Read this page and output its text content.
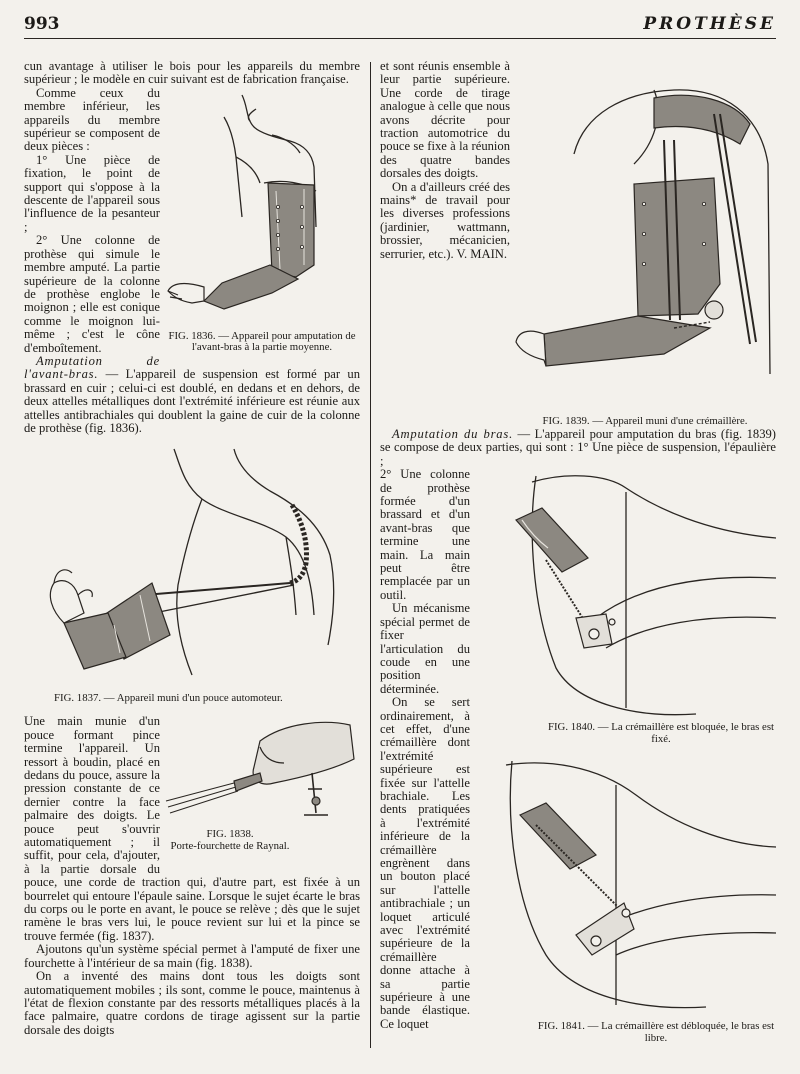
993	PROTHÈSE

cun avantage à utiliser le bois pour les appareils du membre supérieur ; le modèle en cuir suivant est de fabrication française.

FIG. 1836. — Appareil pour amputation de l'avant-bras à la partie moyenne.

Comme ceux du membre inférieur, les appareils du membre supérieur se composent de deux pièces :

1° Une pièce de fixation, le point de support qui s'oppose à la descente de l'appareil sous l'influence de la pesanteur ;

2° Une colonne de prothèse qui simule le membre amputé. La partie supérieure de la colonne de prothèse englobe le moignon ; elle est conique comme le moignon lui-même ; c'est le cône d'emboîtement.

Amputation de l'avant-bras. — L'appareil de suspension est formé par un brassard en cuir ; celui-ci est doublé, en dedans et en dehors, de deux attelles métalliques dont l'extrémité inférieure est réunie aux attelles antibrachiales qui doublent la gaine de cuir de la colonne de prothèse (fig. 1836).

FIG. 1837. — Appareil muni d'un pouce automoteur.
FIG. 1838.
Porte-fourchette de Raynal.

Une main munie d'un pouce formant pince termine l'appareil. Un ressort à boudin, placé en dedans du pouce, assure la pression constante de ce dernier contre la face palmaire des doigts. Le pouce peut s'ouvrir automatiquement ; il suffit, pour cela, d'ajouter, à la partie dorsale du pouce, une corde de traction qui, d'autre part, est fixée à un bourrelet qui entoure l'épaule saine. Lorsque le sujet écarte le bras du corps ou le porte en avant, le pouce se relève ; dès que le sujet ramène le bras vers lui, le pouce revient sur lui et la pince se trouve fermée (fig. 1837).

Ajoutons qu'un système spécial permet à l'amputé de fixer une fourchette à l'intérieur de sa main (fig. 1838).

On a inventé des mains dont tous les doigts sont automatiquement mobiles ; ils sont, comme le pouce, maintenus à l'état de flexion constante par des ressorts métalliques placés à la face palmaire, quatre cordons de tirage agissent sur la partie dorsale des doigts

FIG. 1839. — Appareil muni d'une crémaillère.

et sont réunis ensemble à leur partie supérieure. Une corde de tirage analogue à celle que nous avons décrite pour traction automotrice du pouce se fixe à la réunion des quatre bandes dorsales des doigts.

On a d'ailleurs créé des mains* de travail pour les diverses professions (jardinier, wattmann, brossier, mécanicien, serrurier, etc.). V. MAIN.

Amputation du bras. — L'appareil pour amputation du bras (fig. 1839) se compose de deux parties, qui sont : 1° Une pièce de suspension, l'épaulière ;

FIG. 1840. — La crémaillère est bloquée, le bras est fixé.
FIG. 1841. — La crémaillère est débloquée, le bras est libre.

2° Une colonne de prothèse formée d'un brassard et d'un avant-bras que termine une main. La main peut être remplacée par un outil.

Un mécanisme spécial permet de fixer l'articulation du coude en une position déterminée.

On se sert ordinairement, à cet effet, d'une crémaillère dont l'extrémité supérieure est fixée sur l'attelle brachiale. Les dents pratiquées à l'extrémité inférieure de la crémaillère engrènent dans un bouton placé sur l'attelle antibrachiale ; un loquet articulé avec l'extrémité supérieure de la crémaillère donne attache à sa partie supérieure à une bande élastique. Ce loquet
